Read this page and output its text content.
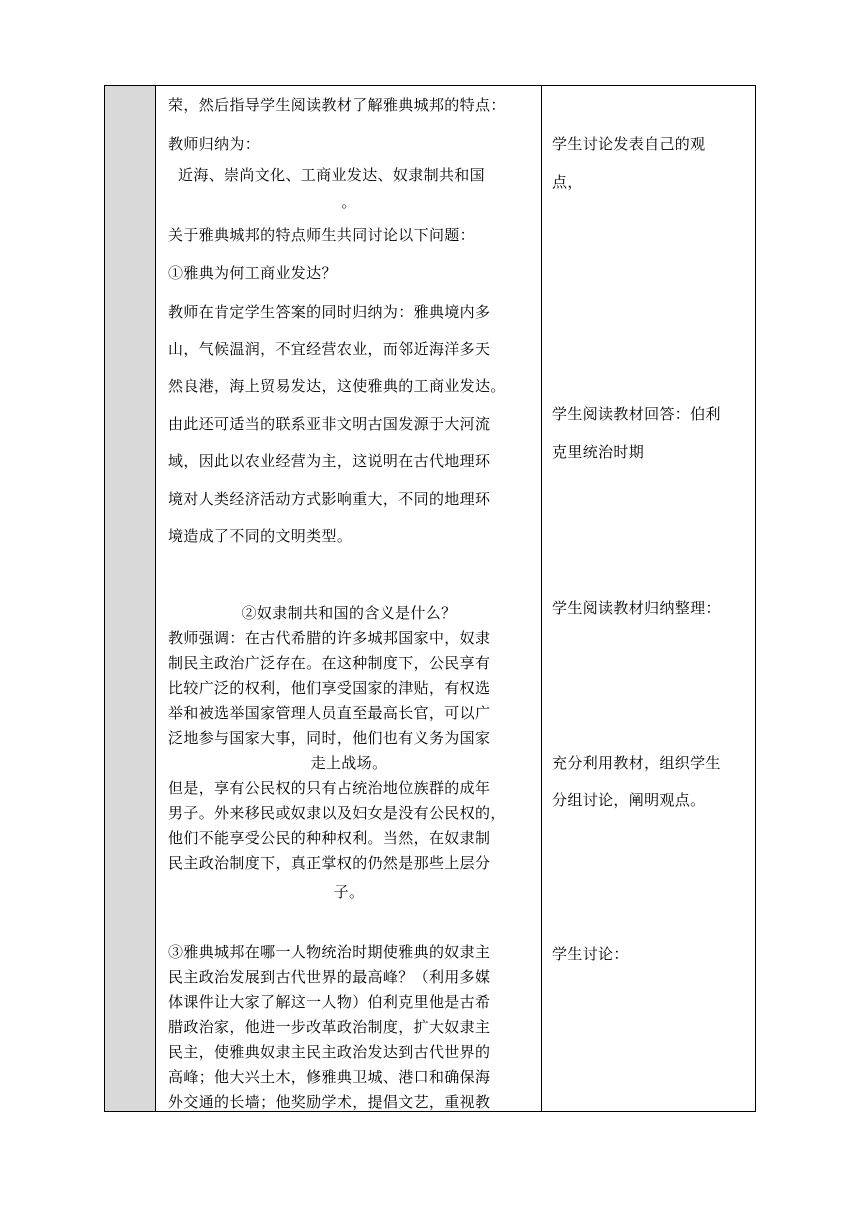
荣，然后指导学生阅读教材了解雅典城邦的特点：
教师归纳为：
近海、崇尚文化、工商业发达、奴隶制共和国
。
关于雅典城邦的特点师生共同讨论以下问题：
①雅典为何工商业发达？
教师在肯定学生答案的同时归纳为：雅典境内多
山，气候温润，不宜经营农业，而邻近海洋多天
然良港，海上贸易发达，这使雅典的工商业发达。
由此还可适当的联系亚非文明古国发源于大河流
域，因此以农业经营为主，这说明在古代地理环
境对人类经济活动方式影响重大，不同的地理环
境造成了不同的文明类型。
②奴隶制共和国的含义是什么？
教师强调：在古代希腊的许多城邦国家中，奴隶
制民主政治广泛存在。在这种制度下，公民享有
比较广泛的权利，他们享受国家的津贴，有权选
举和被选举国家管理人员直至最高长官，可以广
泛地参与国家大事，同时，他们也有义务为国家
走上战场。
但是，享有公民权的只有占统治地位族群的成年
男子。外来移民或奴隶以及妇女是没有公民权的，
他们不能享受公民的种种权利。当然，在奴隶制
民主政治制度下，真正掌权的仍然是那些上层分
子。
③雅典城邦在哪一人物统治时期使雅典的奴隶主
民主政治发展到古代世界的最高峰？（利用多媒
体课件让大家了解这一人物）伯利克里他是古希
腊政治家，他进一步改革政治制度，扩大奴隶主
民主，使雅典奴隶主民主政治发达到古代世界的
高峰；他大兴土木，修雅典卫城、港口和确保海
外交通的长墙；他奖励学术，提倡文艺，重视教
学生讨论发表自己的观
点，
学生阅读教材回答：伯利
克里统治时期
学生阅读教材归纳整理：
充分利用教材，组织学生
分组讨论，阐明观点。
学生讨论：
